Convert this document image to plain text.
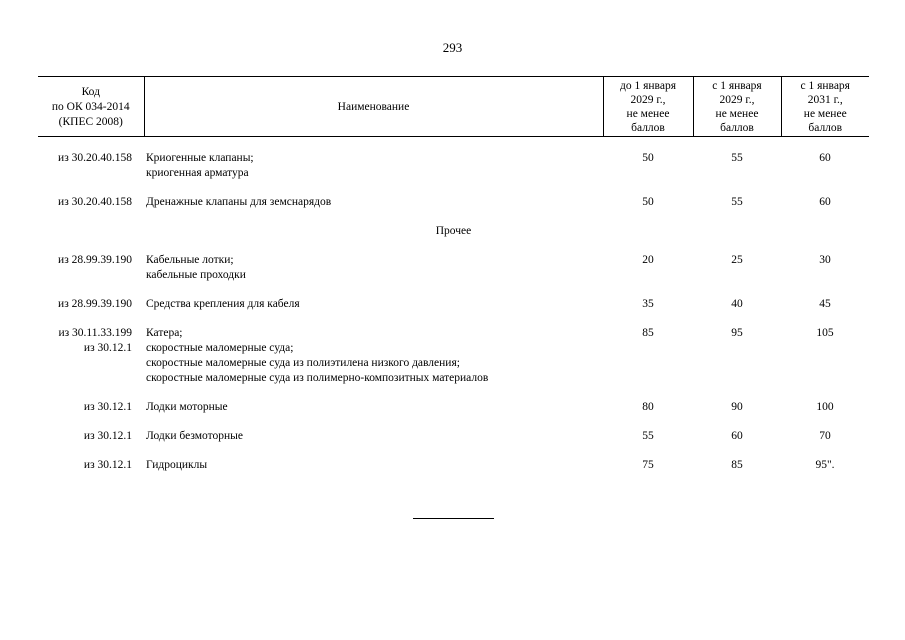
293
Код
по ОК 034-2014
(КПЕС 2008)	Наименование	до 1 января
2029 г.,
не менее
баллов	с 1 января
2029 г.,
не менее
баллов	с 1 января
2031 г.,
не менее
баллов

из 30.20.40.158	Криогенные клапаны;
криогенная арматура	50	55	60

из 30.20.40.158	Дренажные клапаны для земснарядов	50	55	60

Прочее				

из 28.99.39.190	Кабельные лотки;
кабельные проходки	20	25	30

из 28.99.39.190	Средства крепления для кабеля	35	40	45

из 30.11.33.199
из 30.12.1	Катера;
скоростные маломерные суда;
скоростные маломерные суда из полиэтилена низкого давления;
скоростные маломерные суда из полимерно-композитных материалов	85	95	105

из 30.12.1	Лодки моторные	80	90	100

из 30.12.1	Лодки безмоторные	55	60	70

из 30.12.1	Гидроциклы	75	85	95".
